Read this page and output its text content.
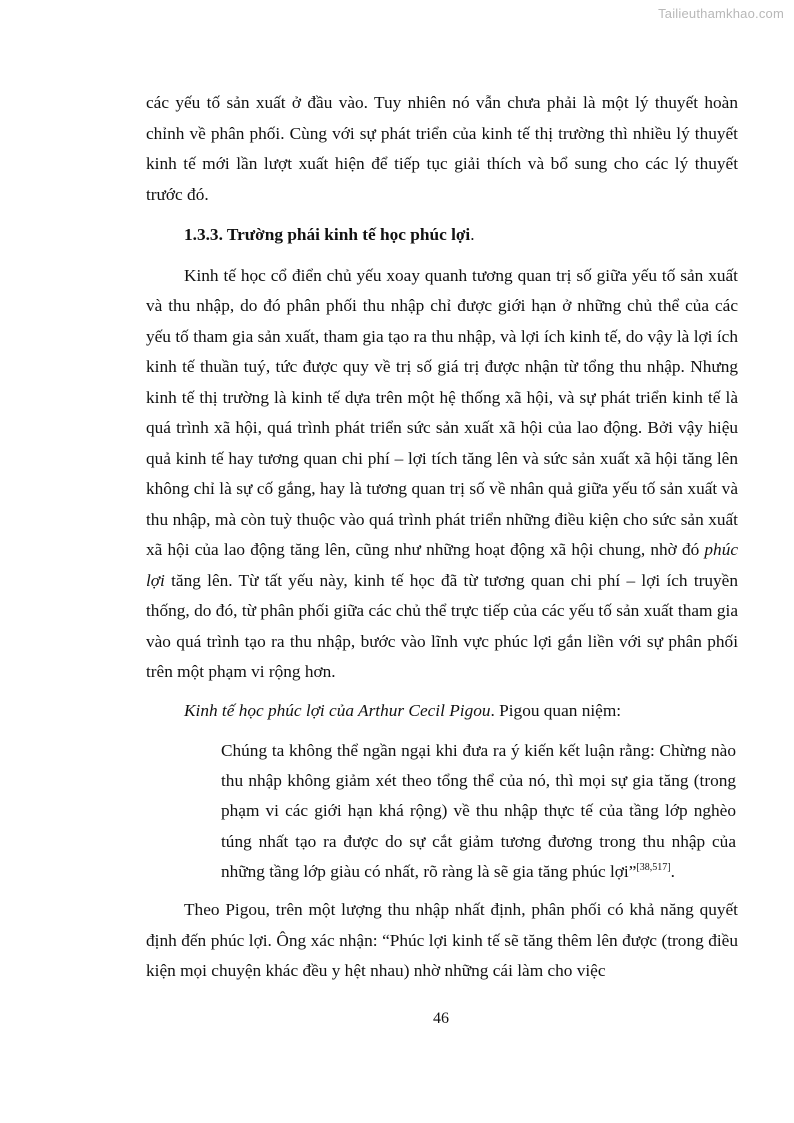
Tailieuthamkhao.com

các yếu tố sản xuất ở đầu vào. Tuy nhiên nó vẫn chưa phải là một lý thuyết hoàn chỉnh về phân phối. Cùng với sự phát triển của kinh tế thị trường thì nhiều lý thuyết kinh tế mới lần lượt xuất hiện để tiếp tục giải thích và bổ sung cho các lý thuyết trước đó.

1.3.3. Trường phái kinh tế học phúc lợi.

Kinh tế học cổ điển chủ yếu xoay quanh tương quan trị số giữa yếu tố sản xuất và thu nhập, do đó phân phối thu nhập chỉ được giới hạn ở những chủ thể của các yếu tố tham gia sản xuất, tham gia tạo ra thu nhập, và lợi ích kinh tế, do vậy là lợi ích kinh tế thuần tuý, tức được quy về trị số giá trị được nhận từ tổng thu nhập. Nhưng kinh tế thị trường là kinh tế dựa trên một hệ thống xã hội, và sự phát triển kinh tế là quá trình xã hội, quá trình phát triển sức sản xuất xã hội của lao động. Bởi vậy hiệu quả kinh tế hay tương quan chi phí – lợi tích tăng lên và sức sản xuất xã hội tăng lên không chỉ là sự cố gắng, hay là tương quan trị số về nhân quả giữa yếu tố sản xuất và thu nhập, mà còn tuỳ thuộc vào quá trình phát triển những điều kiện cho sức sản xuất xã hội của lao động tăng lên, cũng như những hoạt động xã hội chung, nhờ đó phúc lợi tăng lên. Từ tất yếu này, kinh tế học đã từ tương quan chi phí – lợi ích truyền thống, do đó, từ phân phối giữa các chủ thể trực tiếp của các yếu tố sản xuất tham gia vào quá trình tạo ra thu nhập, bước vào lĩnh vực phúc lợi gắn liền với sự phân phối trên một phạm vi rộng hơn.

Kinh tế học phúc lợi của Arthur Cecil Pigou. Pigou quan niệm:

Chúng ta không thể ngần ngại khi đưa ra ý kiến kết luận rằng: Chừng nào thu nhập không giảm xét theo tổng thể của nó, thì mọi sự gia tăng (trong phạm vi các giới hạn khá rộng) về thu nhập thực tế của tầng lớp nghèo túng nhất tạo ra được do sự cắt giảm tương đương trong thu nhập của những tầng lớp giàu có nhất, rõ ràng là sẽ gia tăng phúc lợi”[38,517].

Theo Pigou, trên một lượng thu nhập nhất định, phân phối có khả năng quyết định đến phúc lợi. Ông xác nhận: “Phúc lợi kinh tế sẽ tăng thêm lên được (trong điều kiện mọi chuyện khác đều y hệt nhau) nhờ những cái làm cho việc

46
